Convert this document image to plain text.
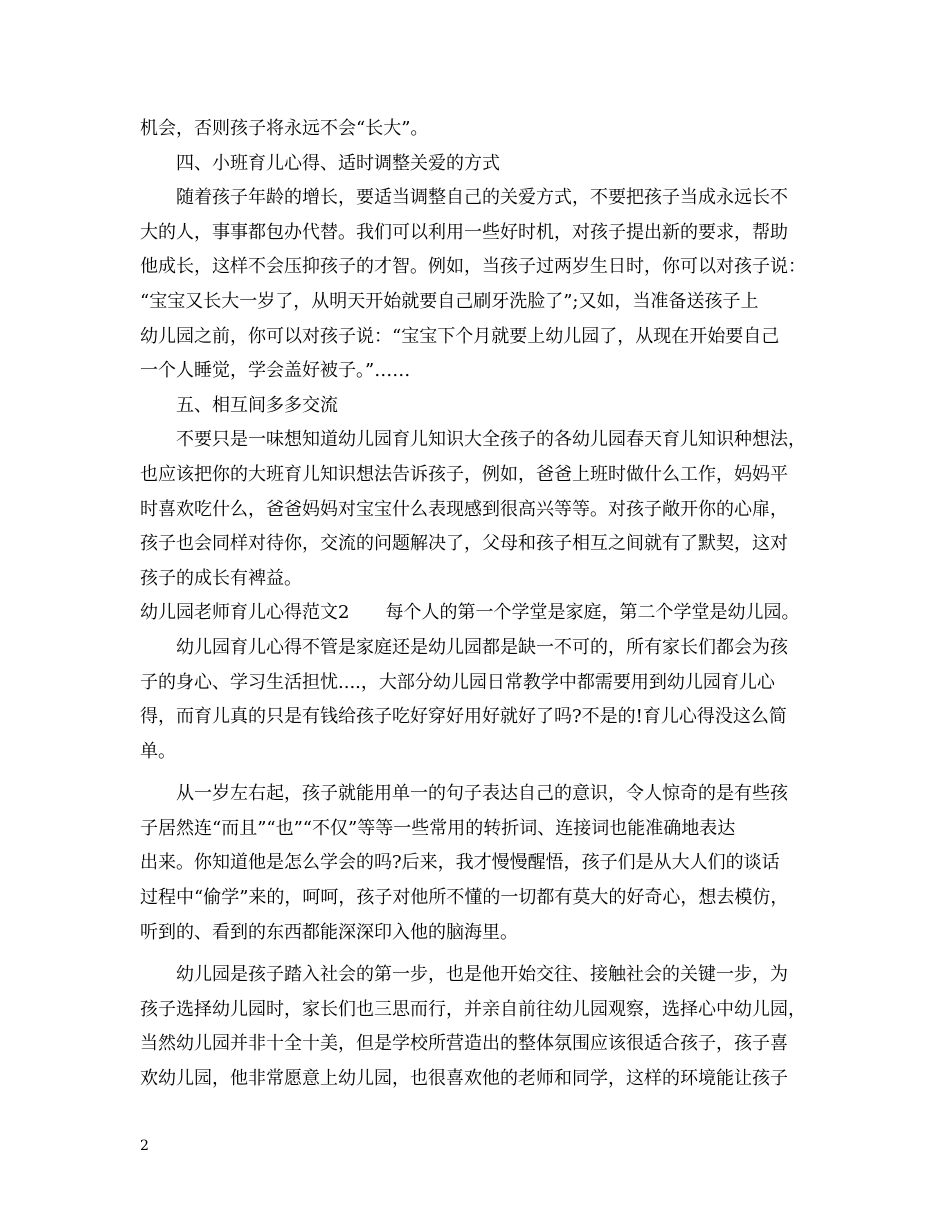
机会，否则孩子将永远不会“长大”。
四、小班育儿心得、适时调整关爱的方式
随着孩子年龄的增长，要适当调整自己的关爱方式，不要把孩子当成永远长不
大的人，事事都包办代替。我们可以利用一些好时机，对孩子提出新的要求，帮助
他成长，这样不会压抑孩子的才智。例如，当孩子过两岁生日时，你可以对孩子说：
“宝宝又长大一岁了，从明天开始就要自己刷牙洗脸了”;又如，当准备送孩子上
幼儿园之前，你可以对孩子说：“宝宝下个月就要上幼儿园了，从现在开始要自己
一个人睡觉，学会盖好被子。”……
五、相互间多多交流
不要只是一味想知道幼儿园育儿知识大全孩子的各幼儿园春天育儿知识种想法，
也应该把你的大班育儿知识想法告诉孩子，例如，爸爸上班时做什么工作，妈妈平
时喜欢吃什么，爸爸妈妈对宝宝什么表现感到很高兴等等。对孩子敞开你的心扉，
孩子也会同样对待你，交流的问题解决了，父母和孩子相互之间就有了默契，这对
孩子的成长有裨益。
幼儿园老师育儿心得范文2　　每个人的第一个学堂是家庭，第二个学堂是幼儿园。
幼儿园育儿心得不管是家庭还是幼儿园都是缺一不可的，所有家长们都会为孩
子的身心、学习生活担忧....，大部分幼儿园日常教学中都需要用到幼儿园育儿心
得，而育儿真的只是有钱给孩子吃好穿好用好就好了吗?不是的!育儿心得没这么简
单。
从一岁左右起，孩子就能用单一的句子表达自己的意识，令人惊奇的是有些孩
子居然连“而且”“也”“不仅”等等一些常用的转折词、连接词也能准确地表达
出来。你知道他是怎么学会的吗?后来，我才慢慢醒悟，孩子们是从大人们的谈话
过程中“偷学”来的，呵呵，孩子对他所不懂的一切都有莫大的好奇心，想去模仿，
听到的、看到的东西都能深深印入他的脑海里。
幼儿园是孩子踏入社会的第一步，也是他开始交往、接触社会的关键一步，为
孩子选择幼儿园时，家长们也三思而行，并亲自前往幼儿园观察，选择心中幼儿园，
当然幼儿园并非十全十美，但是学校所营造出的整体氛围应该很适合孩子，孩子喜
欢幼儿园，他非常愿意上幼儿园，也很喜欢他的老师和同学，这样的环境能让孩子
2
